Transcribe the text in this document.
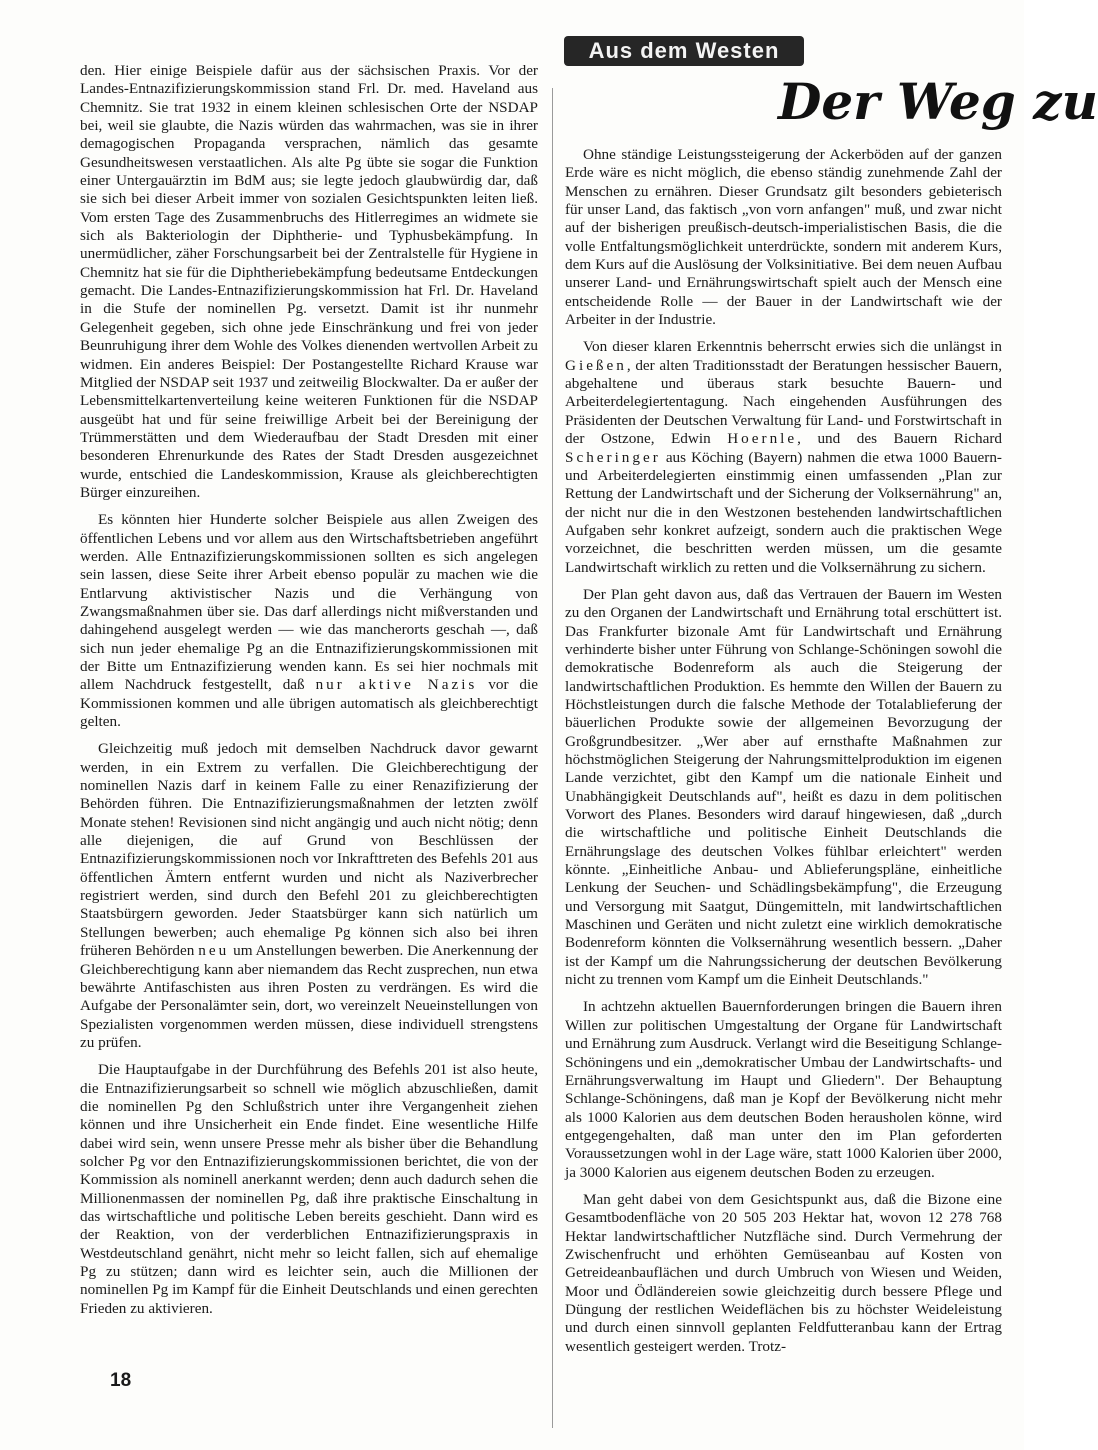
den. Hier einige Beispiele dafür aus der sächsischen Praxis. Vor der Landes-Entnazifizierungskommission stand Frl. Dr. med. Haveland aus Chemnitz. Sie trat 1932 in einem kleinen schlesischen Orte der NSDAP bei, weil sie glaubte, die Nazis würden das wahrmachen, was sie in ihrer demagogischen Propaganda versprachen, nämlich das gesamte Gesundheitswesen verstaatlichen. Als alte Pg übte sie sogar die Funktion einer Untergauärztin im BdM aus; sie legte jedoch glaubwürdig dar, daß sie sich bei dieser Arbeit immer von sozialen Gesichtspunkten leiten ließ. Vom ersten Tage des Zusammenbruchs des Hitlerregimes an widmete sie sich als Bakteriologin der Diphtherie- und Typhusbekämpfung. In unermüdlicher, zäher Forschungsarbeit bei der Zentralstelle für Hygiene in Chemnitz hat sie für die Diphtheriebekämpfung bedeutsame Entdeckungen gemacht. Die Landes-Entnazifizierungskommission hat Frl. Dr. Haveland in die Stufe der nominellen Pg. versetzt. Damit ist ihr nunmehr Gelegenheit gegeben, sich ohne jede Einschränkung und frei von jeder Beunruhigung ihrer dem Wohle des Volkes dienenden wertvollen Arbeit zu widmen. Ein anderes Beispiel: Der Postangestellte Richard Krause war Mitglied der NSDAP seit 1937 und zeitweilig Blockwalter. Da er außer der Lebensmittelkartenverteilung keine weiteren Funktionen für die NSDAP ausgeübt hat und für seine freiwillige Arbeit bei der Bereinigung der Trümmerstätten und dem Wiederaufbau der Stadt Dresden mit einer besonderen Ehrenurkunde des Rates der Stadt Dresden ausgezeichnet wurde, entschied die Landeskommission, Krause als gleichberechtigten Bürger einzureihen.

Es könnten hier Hunderte solcher Beispiele aus allen Zweigen des öffentlichen Lebens und vor allem aus den Wirtschaftsbetrieben angeführt werden. Alle Entnazifizierungskommissionen sollten es sich angelegen sein lassen, diese Seite ihrer Arbeit ebenso populär zu machen wie die Entlarvung aktivistischer Nazis und die Verhängung von Zwangsmaßnahmen über sie. Das darf allerdings nicht mißverstanden und dahingehend ausgelegt werden — wie das mancherorts geschah —, daß sich nun jeder ehemalige Pg an die Entnazifizierungskommissionen mit der Bitte um Entnazifizierung wenden kann. Es sei hier nochmals mit allem Nachdruck festgestellt, daß nur aktive Nazis vor die Kommissionen kommen und alle übrigen automatisch als gleichberechtigt gelten.

Gleichzeitig muß jedoch mit demselben Nachdruck davor gewarnt werden, in ein Extrem zu verfallen. Die Gleichberechtigung der nominellen Nazis darf in keinem Falle zu einer Renazifizierung der Behörden führen. Die Entnazifizierungsmaßnahmen der letzten zwölf Monate stehen! Revisionen sind nicht angängig und auch nicht nötig; denn alle diejenigen, die auf Grund von Beschlüssen der Entnazifizierungskommissionen noch vor Inkrafttreten des Befehls 201 aus öffentlichen Ämtern entfernt wurden und nicht als Naziverbrecher registriert werden, sind durch den Befehl 201 zu gleichberechtigten Staatsbürgern geworden. Jeder Staatsbürger kann sich natürlich um Stellungen bewerben; auch ehemalige Pg können sich also bei ihren früheren Behörden neu um Anstellungen bewerben. Die Anerkennung der Gleichberechtigung kann aber niemandem das Recht zusprechen, nun etwa bewährte Antifaschisten aus ihren Posten zu verdrängen. Es wird die Aufgabe der Personalämter sein, dort, wo vereinzelt Neueinstellungen von Spezialisten vorgenommen werden müssen, diese individuell strengstens zu prüfen.

Die Hauptaufgabe in der Durchführung des Befehls 201 ist also heute, die Entnazifizierungsarbeit so schnell wie möglich abzuschließen, damit die nominellen Pg den Schlußstrich unter ihre Vergangenheit ziehen können und ihre Unsicherheit ein Ende findet. Eine wesentliche Hilfe dabei wird sein, wenn unsere Presse mehr als bisher über die Behandlung solcher Pg vor den Entnazifizierungskommissionen berichtet, die von der Kommission als nominell anerkannt werden; denn auch dadurch sehen die Millionenmassen der nominellen Pg, daß ihre praktische Einschaltung in das wirtschaftliche und politische Leben bereits geschieht. Dann wird es der Reaktion, von der verderblichen Entnazifizierungspraxis in Westdeutschland genährt, nicht mehr so leicht fallen, sich auf ehemalige Pg zu stützen; dann wird es leichter sein, auch die Millionen der nominellen Pg im Kampf für die Einheit Deutschlands und einen gerechten Frieden zu aktivieren.

Aus dem Westen
Der Weg zu

Ohne ständige Leistungssteigerung der Ackerböden auf der ganzen Erde wäre es nicht möglich, die ebenso ständig zunehmende Zahl der Menschen zu ernähren. Dieser Grundsatz gilt besonders gebieterisch für unser Land, das faktisch „von vorn anfangen" muß, und zwar nicht auf der bisherigen preußisch-deutsch-imperialistischen Basis, die die volle Entfaltungsmöglichkeit unterdrückte, sondern mit anderem Kurs, dem Kurs auf die Auslösung der Volksinitiative. Bei dem neuen Aufbau unserer Land- und Ernährungswirtschaft spielt auch der Mensch eine entscheidende Rolle — der Bauer in der Landwirtschaft wie der Arbeiter in der Industrie.

Von dieser klaren Erkenntnis beherrscht erwies sich die unlängst in Gießen, der alten Traditionsstadt der Beratungen hessischer Bauern, abgehaltene und überaus stark besuchte Bauern- und Arbeiterdelegiertentagung. Nach eingehenden Ausführungen des Präsidenten der Deutschen Verwaltung für Land- und Forstwirtschaft in der Ostzone, Edwin Hoernle, und des Bauern Richard Scheringer aus Köching (Bayern) nahmen die etwa 1000 Bauern- und Arbeiterdelegierten einstimmig einen umfassenden „Plan zur Rettung der Landwirtschaft und der Sicherung der Volksernährung" an, der nicht nur die in den Westzonen bestehenden landwirtschaftlichen Aufgaben sehr konkret aufzeigt, sondern auch die praktischen Wege vorzeichnet, die beschritten werden müssen, um die gesamte Landwirtschaft wirklich zu retten und die Volksernährung zu sichern.

Der Plan geht davon aus, daß das Vertrauen der Bauern im Westen zu den Organen der Landwirtschaft und Ernährung total erschüttert ist. Das Frankfurter bizonale Amt für Landwirtschaft und Ernährung verhinderte bisher unter Führung von Schlange-Schöningen sowohl die demokratische Bodenreform als auch die Steigerung der landwirtschaftlichen Produktion. Es hemmte den Willen der Bauern zu Höchstleistungen durch die falsche Methode der Totalablieferung der bäuerlichen Produkte sowie der allgemeinen Bevorzugung der Großgrundbesitzer. „Wer aber auf ernsthafte Maßnahmen zur höchstmöglichen Steigerung der Nahrungsmittelproduktion im eigenen Lande verzichtet, gibt den Kampf um die nationale Einheit und Unabhängigkeit Deutschlands auf", heißt es dazu in dem politischen Vorwort des Planes. Besonders wird darauf hingewiesen, daß „durch die wirtschaftliche und politische Einheit Deutschlands die Ernährungslage des deutschen Volkes fühlbar erleichtert" werden könnte. „Einheitliche Anbau- und Ablieferungspläne, einheitliche Lenkung der Seuchen- und Schädlingsbekämpfung", die Erzeugung und Versorgung mit Saatgut, Düngemitteln, mit landwirtschaftlichen Maschinen und Geräten und nicht zuletzt eine wirklich demokratische Bodenreform könnten die Volksernährung wesentlich bessern. „Daher ist der Kampf um die Nahrungssicherung der deutschen Bevölkerung nicht zu trennen vom Kampf um die Einheit Deutschlands."

In achtzehn aktuellen Bauernforderungen bringen die Bauern ihren Willen zur politischen Umgestaltung der Organe für Landwirtschaft und Ernährung zum Ausdruck. Verlangt wird die Beseitigung Schlange-Schöningens und ein „demokratischer Umbau der Landwirtschafts- und Ernährungsverwaltung im Haupt und Gliedern". Der Behauptung Schlange-Schöningens, daß man je Kopf der Bevölkerung nicht mehr als 1000 Kalorien aus dem deutschen Boden herausholen könne, wird entgegengehalten, daß man unter den im Plan geforderten Voraussetzungen wohl in der Lage wäre, statt 1000 Kalorien über 2000, ja 3000 Kalorien aus eigenem deutschen Boden zu erzeugen.

Man geht dabei von dem Gesichtspunkt aus, daß die Bizone eine Gesamtbodenfläche von 20 505 203 Hektar hat, wovon 12 278 768 Hektar landwirtschaftlicher Nutzfläche sind. Durch Vermehrung der Zwischenfrucht und erhöhten Gemüseanbau auf Kosten von Getreideanbauflächen und durch Umbruch von Wiesen und Weiden, Moor und Ödländereien sowie gleichzeitig durch bessere Pflege und Düngung der restlichen Weideflächen bis zu höchster Weideleistung und durch einen sinnvoll geplanten Feldfutteranbau kann der Ertrag wesentlich gesteigert werden. Trotz-

18
